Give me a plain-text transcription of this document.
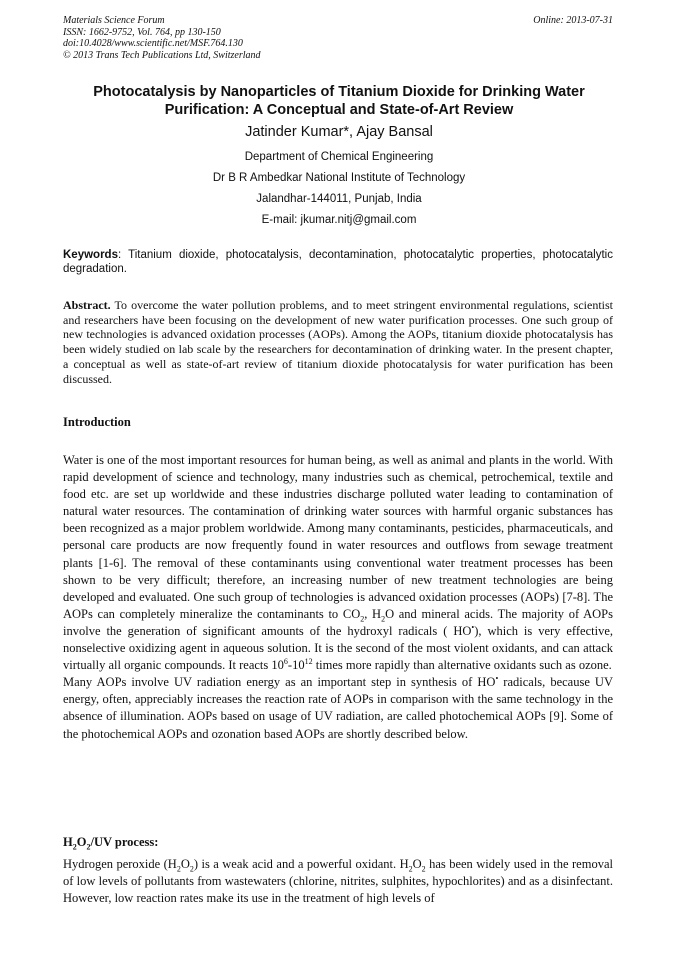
Materials Science Forum
ISSN: 1662-9752, Vol. 764, pp 130-150
doi:10.4028/www.scientific.net/MSF.764.130
© 2013 Trans Tech Publications Ltd, Switzerland
Online: 2013-07-31
Photocatalysis by Nanoparticles of Titanium Dioxide for Drinking Water
Purification: A Conceptual and State-of-Art Review
Jatinder Kumar*, Ajay Bansal
Department of Chemical Engineering
Dr B R Ambedkar National Institute of Technology
Jalandhar-144011, Punjab, India
E-mail: jkumar.nitj@gmail.com
Keywords: Titanium dioxide, photocatalysis, decontamination, photocatalytic properties, photocatalytic degradation.
Abstract. To overcome the water pollution problems, and to meet stringent environmental regulations, scientist and researchers have been focusing on the development of new water purification processes. One such group of new technologies is advanced oxidation processes (AOPs). Among the AOPs, titanium dioxide photocatalysis has been widely studied on lab scale by the researchers for decontamination of drinking water. In the present chapter, a conceptual as well as state-of-art review of titanium dioxide photocatalysis for water purification has been discussed.
Introduction

Water is one of the most important resources for human being, as well as animal and plants in the world. With rapid development of science and technology, many industries such as chemical, petrochemical, textile and food etc. are set up worldwide and these industries discharge polluted water leading to contamination of natural water resources. The contamination of drinking water sources with harmful organic substances has been recognized as a major problem worldwide. Among many contaminants, pesticides, pharmaceuticals, and personal care products are now frequently found in water resources and outflows from sewage treatment plants [1-6]. The removal of these contaminants using conventional water treatment processes has been shown to be very difficult; therefore, an increasing number of new treatment technologies are being developed and evaluated. One such group of technologies is advanced oxidation processes (AOPs) [7-8]. The AOPs can completely mineralize the contaminants to $CO_2$, $H_2O$ and mineral acids. The majority of AOPs involve the generation of significant amounts of the hydroxyl radicals ( HO•), which is very effective, nonselective oxidizing agent in aqueous solution. It is the second of the most violent oxidants, and can attack virtually all organic compounds. It reacts $10^6-10^{12}$ times more rapidly than alternative oxidants such as ozone.

Many AOPs involve UV radiation energy as an important step in synthesis of HO• radicals, because UV energy, often, appreciably increases the reaction rate of AOPs in comparison with the same technology in the absence of illumination. AOPs based on usage of UV radiation, are called photochemical AOPs [9]. Some of the photochemical AOPs and ozonation based AOPs are shortly described below.

$H_2O_2/UV$ process:

Hydrogen peroxide $(H_2O_2)$ is a weak acid and a powerful oxidant. $H_2O_2$ has been widely used in the removal of low levels of pollutants from wastewaters (chlorine, nitrites, sulphites, hypochlorites) and as a disinfectant. However, low reaction rates make its use in the treatment of high levels of
